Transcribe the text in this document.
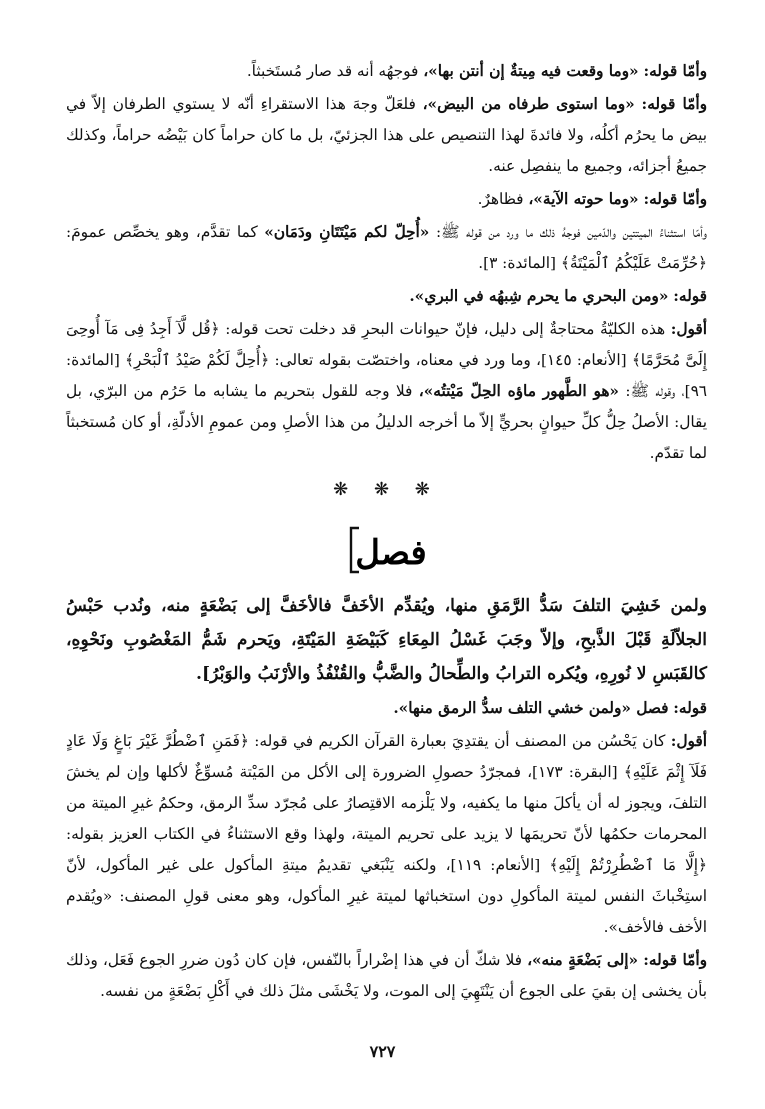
وأمّا قوله: «وما وقعت فيه مِيتةٌ إن أنتن بها»، فوجهُه أنه قد صار مُستَخبثاً.

وأمّا قوله: «وما استوى طرفاه من البيض»، فلعَلّ وجهَ هذا الاستقراءِ أنّه لا يستوي الطرفان إلاّ في بيض ما يحرُم أكلُه، ولا فائدةَ لهذا التنصيص على هذا الجزئيّ، بل ما كان حراماً كان بَيْضُه حراماً، وكذلك جميعُ أجزائه، وجميع ما ينفصِل عنه.

وأمّا قوله: «وما حوته الآية»، فظاهرٌ.

وأمّا استثناءُ الميتتين والدّمين فوجهُ ذلك ما ورد من قوله ﷺ: «أُحِلّ لكم مَيْتَتَانِ ودَمَان» كما تقدَّم، وهو يخصِّص عمومَ: ﴿حُرِّمَتْ عَلَيْكُمُ ٱلْمَيْتَةُ﴾ [المائدة: ٣].

قوله: «ومن البحري ما يحرم شِبهُه في البري».

أقول: هذه الكليّةُ محتاجةٌ إلى دليل، فإنّ حيوانات البحرِ قد دخلت تحت قوله: ﴿قُل لَّآ أَجِدُ فِى مَآ أُوحِىَ إِلَىَّ مُحَرَّمًا﴾ [الأنعام: ١٤٥]، وما ورد في معناه، واختصّت بقوله تعالى: ﴿أُحِلَّ لَكُمْ صَيْدُ ٱلْبَحْرِ﴾ [المائدة: ٩٦]، وقوله ﷺ: «هو الطَّهور ماؤه الحِلّ مَيْتتُه»، فلا وجه للقول بتحريم ما يشابه ما حَرُم من البرّي، بل يقال: الأصلُ حِلُّ كلِّ حيوانٍ بحريٍّ إلاّ ما أخرجه الدليلُ من هذا الأصلِ ومن عمومِ الأدلّةِ، أو كان مُستخبثاً لما تقدّم.

❋ ❋ ❋
فصل

ولمن خَشِيَ التلفَ سَدُّ الرَّمَقِ منها، ويُقدِّم الأخَفَّ فالأخَفَّ إلى بَضْعَةٍ منه، ونُدب حَبْسُ الجلاّلَةِ قَبْلَ الذَّبحِ، وإلاّ وجَبَ غَسْلُ المِعَاءِ كَبَيْضَةِ المَيْتَةِ، ويَحرم شَمُّ المَغْصُوبِ ونَحْوِهِ، كالقَبَسِ لا نُورِهِ، ويُكره الترابُ والطِّحالُ والضَّبُّ والقُنْفُذُ والأرْنَبُ والوَبْرُ].

قوله: فصل «ولمن خشي التلف سدُّ الرمق منها».

أقول: كان يَحْسُن من المصنف أن يقتدِيَ بعبارة القرآن الكريم في قوله: ﴿فَمَنِ ٱضْطُرَّ غَيْرَ بَاغٍ وَلَا عَادٍ فَلَآ إِثْمَ عَلَيْهِ﴾ [البقرة: ١٧٣]، فمجرّدُ حصولِ الضرورة إلى الأكل من المَيْتة مُسوِّغٌ لأكلها وإن لم يخشَ التلفَ، ويجوز له أن يأكلَ منها ما يكفيه، ولا يَلْزمه الاقتِصارُ على مُجرّد سدِّ الرمق، وحكمُ غيرِ الميتة من المحرمات حكمُها لأنّ تحريمَها لا يزيد على تحريم الميتة، ولهذا وقع الاستثناءُ في الكتاب العزيز بقوله: ﴿إِلَّا مَا ٱضْطُرِرْتُمْ إِلَيْهِ﴾ [الأنعام: ١١٩]، ولكنه يَنْبَغي تقديمُ ميتةِ المأكول على غير المأكول، لأنّ استِخْباثَ النفس لميتة المأكولِ دون استخباثها لميتة غيرِ المأكول، وهو معنى قولِ المصنف: «ويُقدم الأخف فالأخف».

وأمّا قوله: «إلى بَضْعَةٍ منه»، فلا شكّ أن في هذا إضْراراً بالنّفس، فإن كان دُون ضررِ الجوع فَعَل، وذلك بأن يخشى إن بقيَ على الجوع أن يَنْتَهِيَ إلى الموت، ولا يَخْشَى مثلَ ذلك في أَكْلِ بَضْعَةٍ من نفسه.

٧٢٧
